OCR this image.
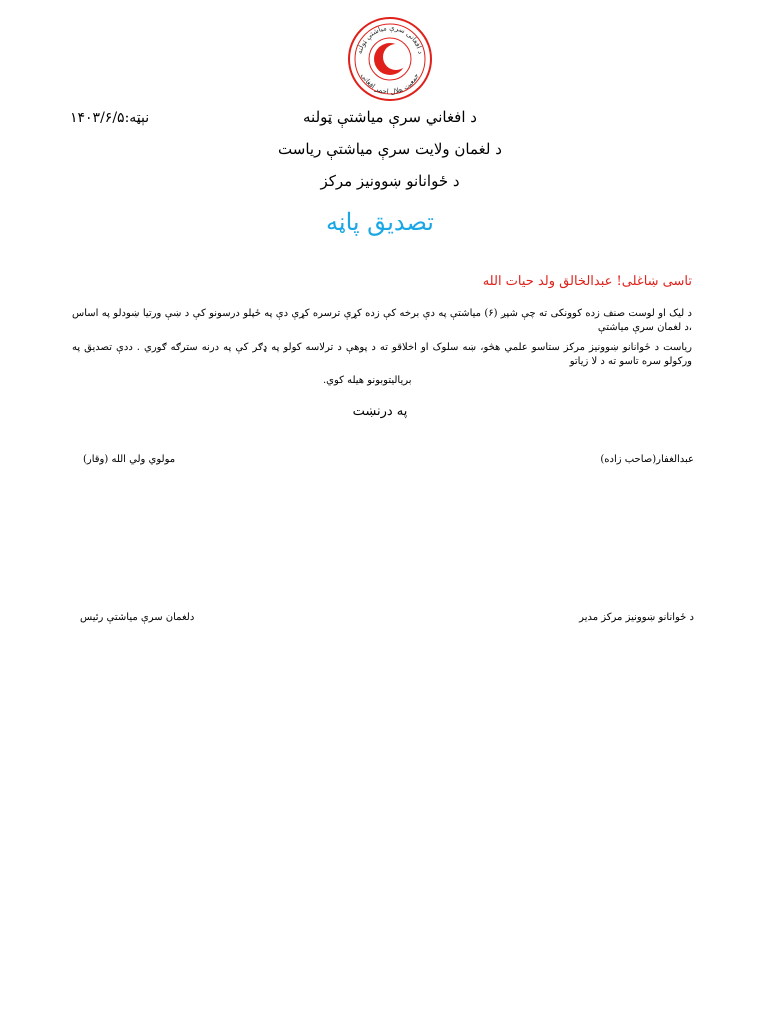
د افغانی سرې میاشتې ټولنه
جمعیت هلال احمر افغانی
د افغاني سرې مياشتې ټولنه
د لغمان ولايت سرې مياشتې رياست
د ځوانانو ښوونيز مرکز
نېټه:۱۴۰۳/۶/۵
تصديق پاڼه
تاسی ښاغلی! عبدالخالق ولد حيات الله
د ليک او لوست صنف زده کوونکی ته چې شپږ (۶) مياشتې په دې برخه کې زده کړې ترسره کړې دې په ځپلو درسونو کې د ښې ورتيا ښودلو په اساس ،د لغمان سرې مياشتې
رياست د ځوانانو ښوونيز مرکز ستاسو علمي هڅو، ښه سلوک او اخلاقو ته د پوهې د ترلاسه کولو په ډګر کې په درنه سترګه ګوري . ددې تصديق په ورکولو سره تاسو ته د لا زياتو
برياليتوبونو هيله کوي.
په درنښت
عبدالغفار(صاحب زاده)
مولوي ولي الله (وقار)
د ځوانانو ښوونيز مرکز مدير
دلغمان سرې مياشتې رئيس
